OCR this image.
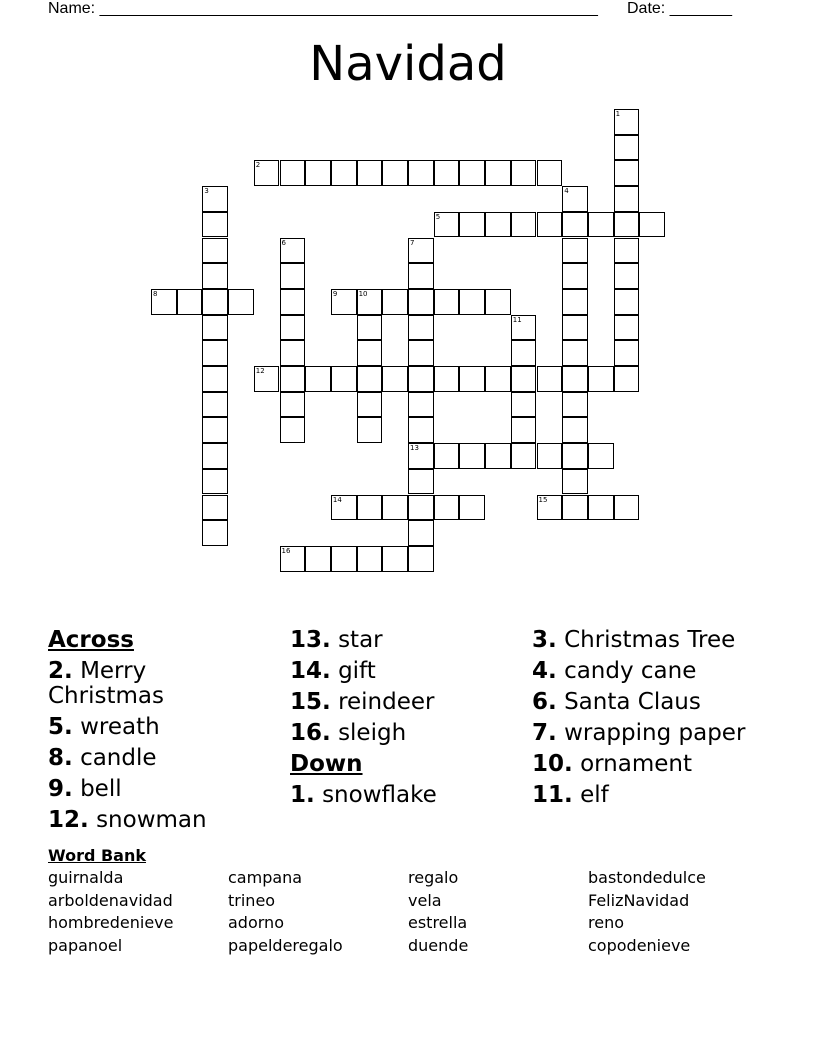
Name: ________________________________________________________ Date: _______
Navidad
1
2
3	4
5
6	7
13
8	9	10
11
12
14	15
16
Across
2. Merry Christmas
5. wreath
8. candle
9. bell
12. snowman
13. star
14. gift
15. reindeer
16. sleigh
Down
1. snowflake
3. Christmas Tree
4. candy cane
6. Santa Claus
7. wrapping paper
10. ornament
11. elf
Word Bank
guirnalda
arboldenavidad
hombredenieve
papanoel
campana
trineo
adorno
papelderegalo
regalo
vela
estrella
duende
bastondedulce
FelizNavidad
reno
copodenieve
